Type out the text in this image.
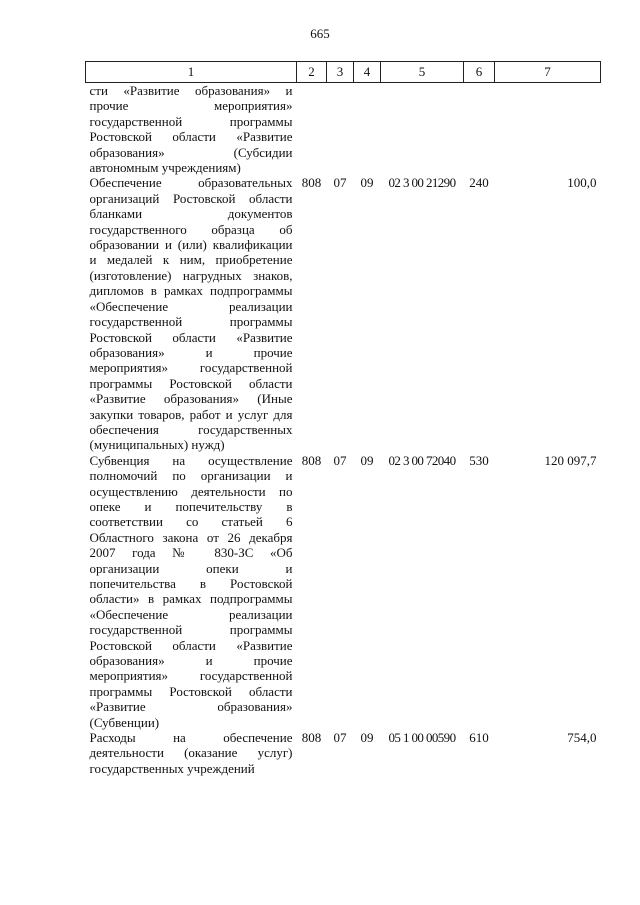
665
1	2	3	4	5	6	7
сти «Развитие образования» и прочие мероприятия» государственной программы Ростовской области «Развитие образования» (Субсидии автономным учреждениям)						
Обеспечение образовательных организаций Ростовской области бланками документов государственного образца об образовании и (или) квалификации и медалей к ним, приобретение (изготовление) нагрудных знаков, дипломов в рамках подпрограммы «Обеспечение реализации государственной программы Ростовской области «Развитие образования» и прочие мероприятия» государственной программы Ростовской области «Развитие образования» (Иные закупки товаров, работ и услуг для обеспечения государственных (муниципальных) нужд)	808	07	09	02 3 00 21290	240	100,0
Субвенция на осуществление полномочий по организации и осуществлению деятельности по опеке и попечительству в соответствии со статьей 6 Областного закона от 26 декабря 2007 года № 830-ЗС «Об организации опеки и попечительства в Ростовской области» в рамках подпрограммы «Обеспечение реализации государственной программы Ростовской области «Развитие образования» и прочие мероприятия» государственной программы Ростовской области «Развитие образования» (Субвенции)	808	07	09	02 3 00 72040	530	120 097,7
Расходы на обеспечение деятельности (оказание услуг) государственных учреждений	808	07	09	05 1 00 00590	610	754,0
